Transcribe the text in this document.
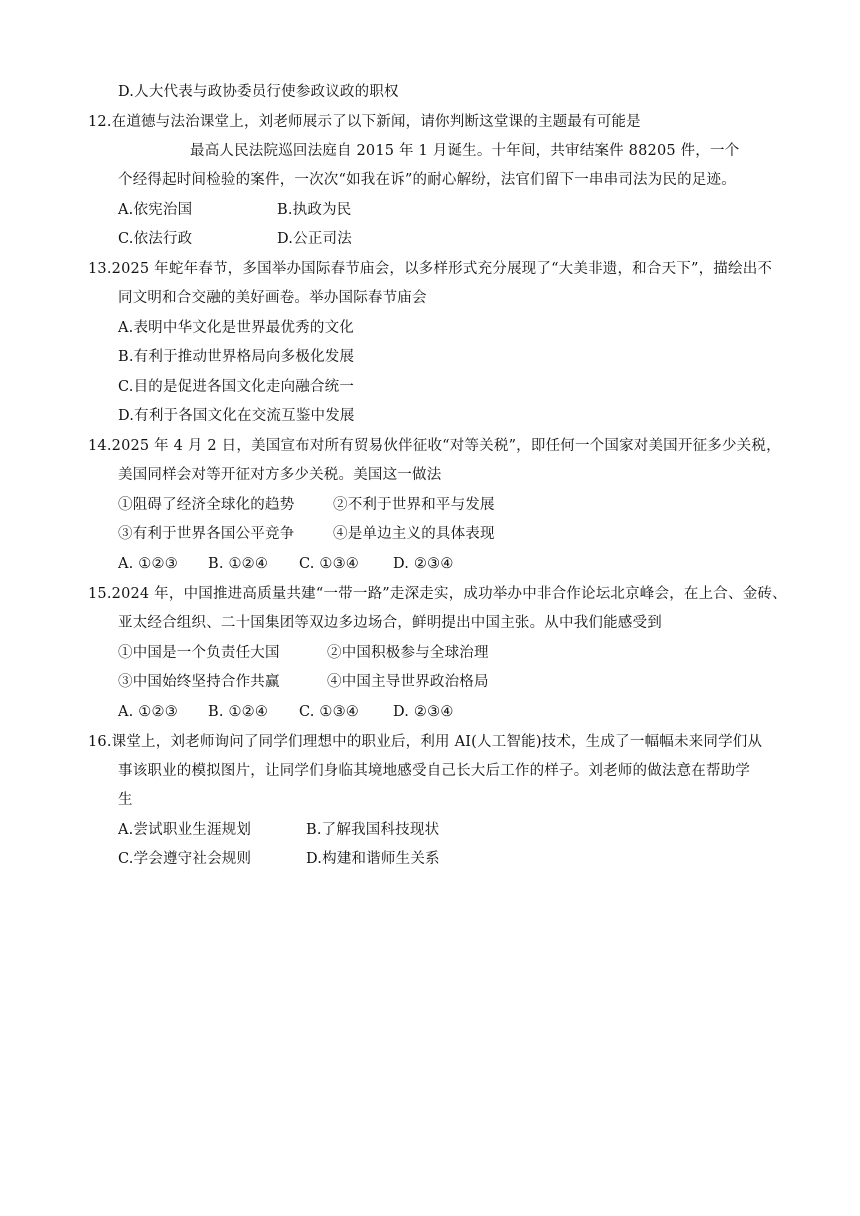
D.人大代表与政协委员行使参政议政的职权
12.在道德与法治课堂上，刘老师展示了以下新闻，请你判断这堂课的主题最有可能是
最高人民法院巡回法庭自 2015 年 1 月诞生。十年间，共审结案件 88205 件，一个
个经得起时间检验的案件，一次次“如我在诉”的耐心解纷，法官们留下一串串司法为民的足迹。
A.依宪治国	B.执政为民
C.依法行政	D.公正司法
13.2025 年蛇年春节，多国举办国际春节庙会，以多样形式充分展现了“大美非遗，和合天下”，描绘出不
同文明和合交融的美好画卷。举办国际春节庙会
A.表明中华文化是世界最优秀的文化
B.有利于推动世界格局向多极化发展
C.目的是促进各国文化走向融合统一
D.有利于各国文化在交流互鉴中发展
14.2025 年 4 月 2 日，美国宣布对所有贸易伙伴征收“对等关税”，即任何一个国家对美国开征多少关税，
美国同样会对等开征对方多少关税。美国这一做法
①阻碍了经济全球化的趋势	②不利于世界和平与发展
③有利于世界各国公平竞争	④是单边主义的具体表现
A. ①②③ B. ①②④ C. ①③④ D. ②③④
15.2024 年，中国推进高质量共建“一带一路”走深走实，成功举办中非合作论坛北京峰会，在上合、金砖、
亚太经合组织、二十国集团等双边多边场合，鲜明提出中国主张。从中我们能感受到
①中国是一个负责任大国	②中国积极参与全球治理
③中国始终坚持合作共赢	④中国主导世界政治格局
A. ①②③ B. ①②④ C. ①③④ D. ②③④
16.课堂上，刘老师询问了同学们理想中的职业后，利用 AI(人工智能)技术，生成了一幅幅未来同学们从
事该职业的模拟图片，让同学们身临其境地感受自己长大后工作的样子。刘老师的做法意在帮助学
生
A.尝试职业生涯规划	B.了解我国科技现状
C.学会遵守社会规则	D.构建和谐师生关系
